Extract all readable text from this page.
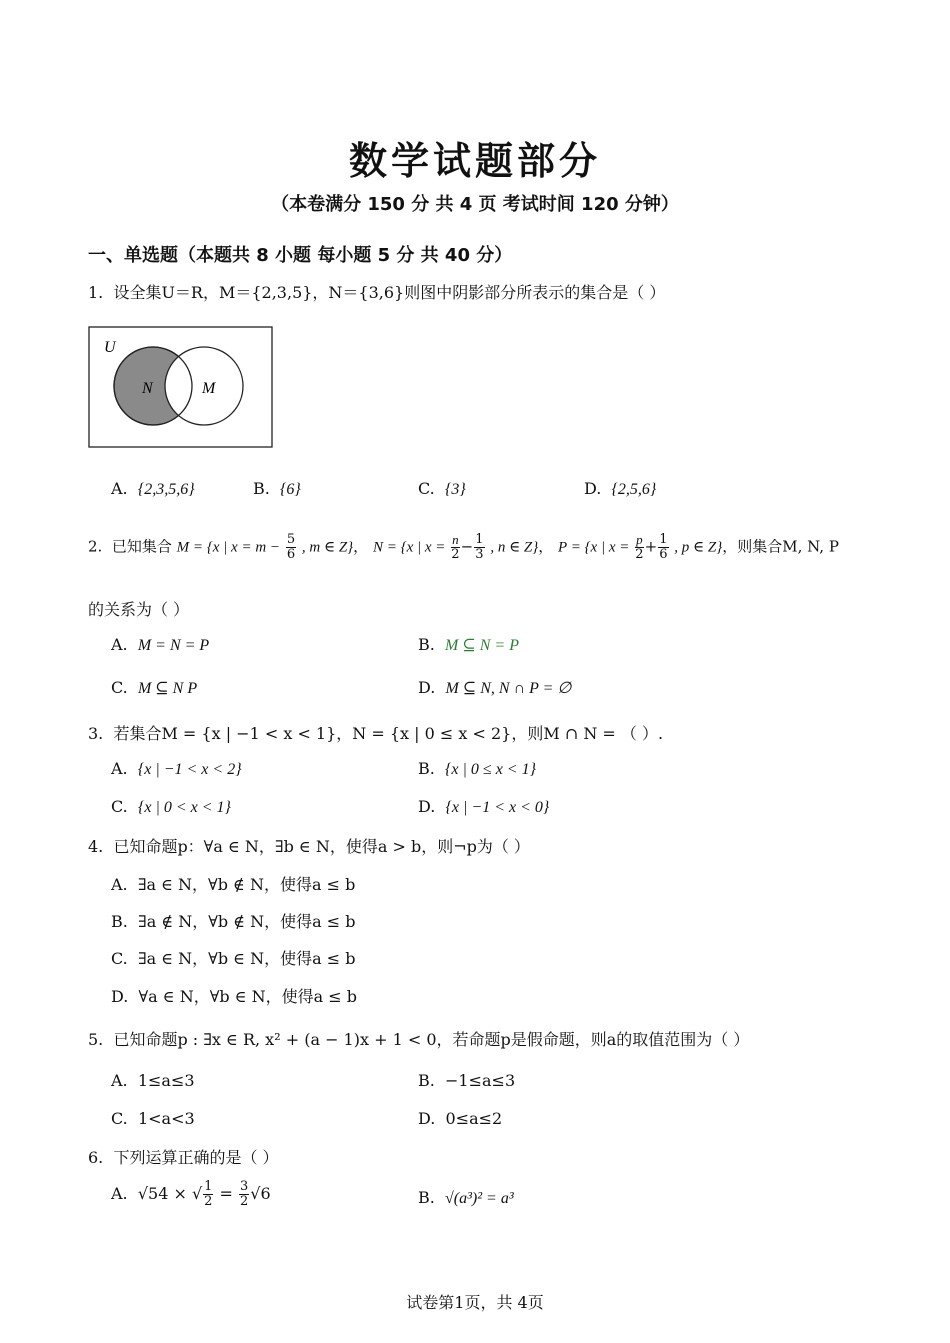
数学试题部分
（本卷满分 150 分 共 4 页 考试时间 120 分钟）
一、单选题（本题共 8 小题 每小题 5 分 共 40 分）
1. 设全集U＝R，M＝{2,3,5}，N＝{3,6}则图中阴影部分所表示的集合是（ ）
U
N	M
A. {2,3,5,6}	B. {6}	C. {3}	D. {2,5,6}
2. 已知集合 M = {x | $x = m - \frac{5}{6}$ , m ∈ Z}， N = {x | $x = \frac{n}{2} - \frac{1}{3}$ , n ∈ Z}， P = {x | $x = \frac{p}{2} + \frac{1}{6}$ , p ∈ Z}，则集合M, N, P
的关系为（ ）
A. M = N = P	B. M ⊆ N = P
C. M ⊆ N P	D. M ⊆ N, N ∩ P = ∅
3. 若集合M = {x | −1 < x < 1}，N = {x | 0 ≤ x < 2}，则M ∩ N = （ ）.
A. {x | −1 < x < 2}	B. {x | 0 ≤ x < 1}
C. {x | 0 < x < 1}	D. {x | −1 < x < 0}
4. 已知命题p：∀a ∈ N，∃b ∈ N，使得a > b，则¬p为（ ）
A. ∃a ∈ N，∀b ∉ N，使得a ≤ b
B. ∃a ∉ N，∀b ∉ N，使得a ≤ b
C. ∃a ∈ N，∀b ∈ N，使得a ≤ b
D. ∀a ∈ N，∀b ∈ N，使得a ≤ b
5. 已知命题p : ∃x ∈ R, x² + (a − 1)x + 1 < 0，若命题p是假命题，则a的取值范围为（ ）
A. 1≤a≤3	B. −1≤a≤3
C. 1<a<3	D. 0≤a≤2
6. 下列运算正确的是（ ）
A. √54 × √ $\frac{1}{2} = \frac{3}{2} √6$	B. √(a³)² = a³
试卷第1页，共 4页
